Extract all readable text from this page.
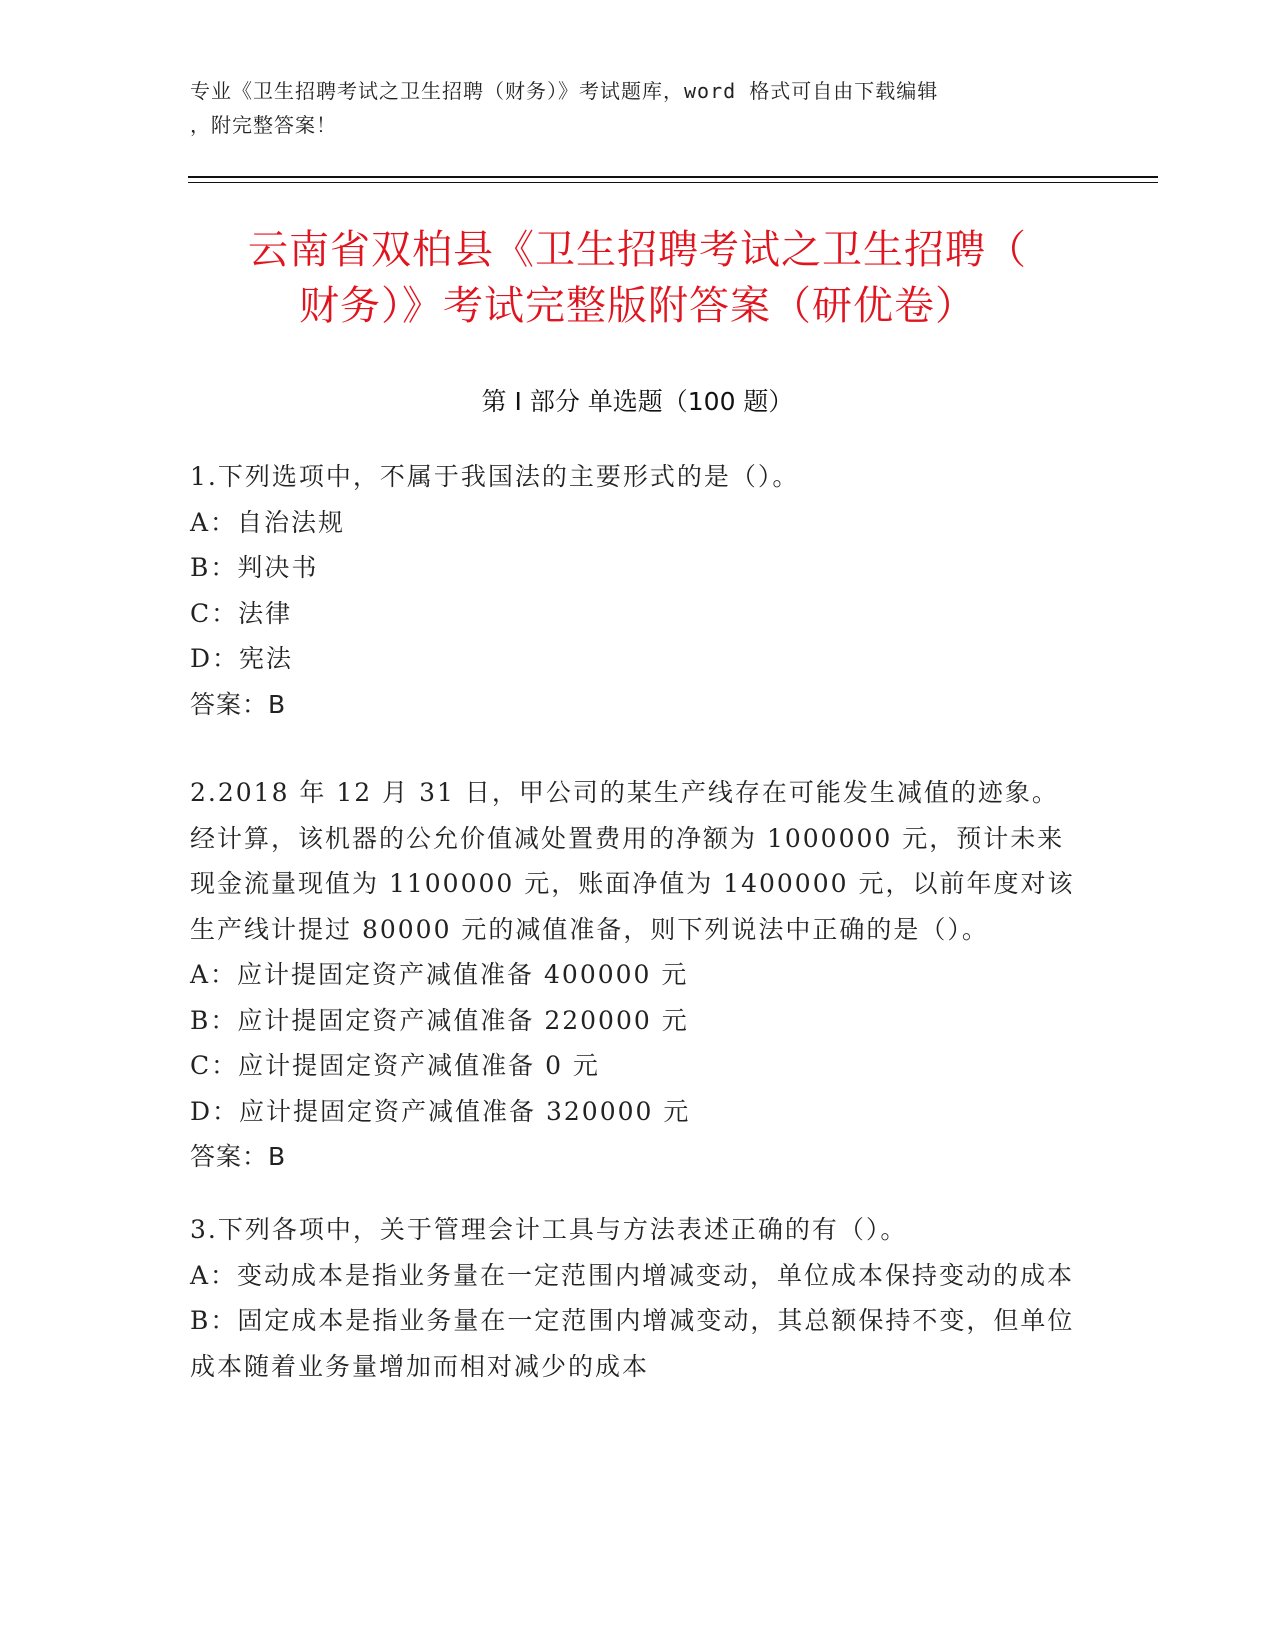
专业《卫生招聘考试之卫生招聘（财务）》考试题库，word 格式可自由下载编辑
，附完整答案！
云南省双柏县《卫生招聘考试之卫生招聘（
财务）》考试完整版附答案（研优卷）
第 I 部分 单选题（100 题）

1.下列选项中，不属于我国法的主要形式的是（）。

A：自治法规

B：判决书

C：法律

D：宪法

答案：B

2.2018 年 12 月 31 日，甲公司的某生产线存在可能发生减值的迹象。经计算，该机器的公允价值减处置费用的净额为 1000000 元，预计未来现金流量现值为 1100000 元，账面净值为 1400000 元，以前年度对该生产线计提过 80000 元的减值准备，则下列说法中正确的是（）。

A：应计提固定资产减值准备 400000 元

B：应计提固定资产减值准备 220000 元

C：应计提固定资产减值准备 0 元

D：应计提固定资产减值准备 320000 元

答案：B

3.下列各项中，关于管理会计工具与方法表述正确的有（）。

A：变动成本是指业务量在一定范围内增减变动，单位成本保持变动的成本

B：固定成本是指业务量在一定范围内增减变动，其总额保持不变，但单位成本随着业务量增加而相对减少的成本
